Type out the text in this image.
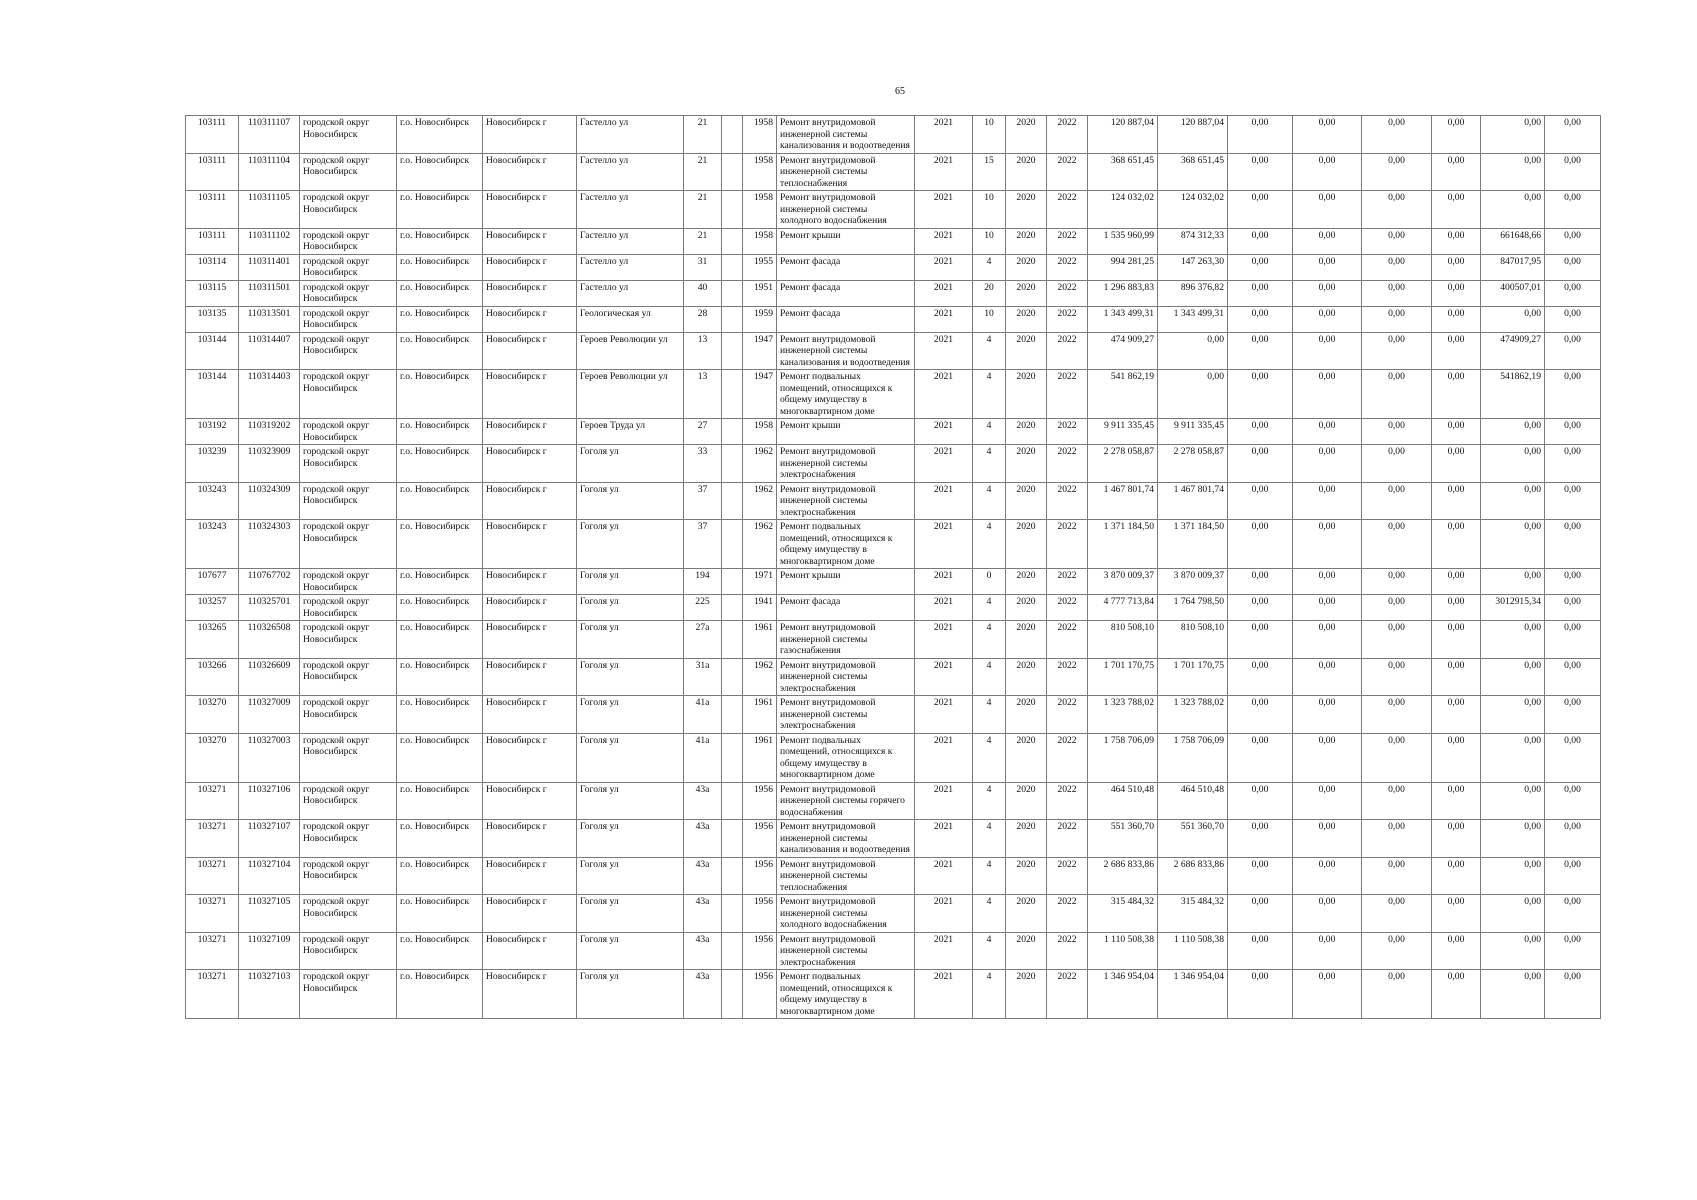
65
103111	110311107	городской округ Новосибирск	г.о. Новосибирск	Новосибирск г	Гастелло ул	21		1958	Ремонт внутридомовой инженерной системы канализования и водоотведения	2021	10	2020	2022	120 887,04	120 887,04	0,00	0,00	0,00	0,00	0,00	0,00
103111	110311104	городской округ Новосибирск	г.о. Новосибирск	Новосибирск г	Гастелло ул	21		1958	Ремонт внутридомовой инженерной системы теплоснабжения	2021	15	2020	2022	368 651,45	368 651,45	0,00	0,00	0,00	0,00	0,00	0,00
103111	110311105	городской округ Новосибирск	г.о. Новосибирск	Новосибирск г	Гастелло ул	21		1958	Ремонт внутридомовой инженерной системы холодного водоснабжения	2021	10	2020	2022	124 032,02	124 032,02	0,00	0,00	0,00	0,00	0,00	0,00
103111	110311102	городской округ Новосибирск	г.о. Новосибирск	Новосибирск г	Гастелло ул	21		1958	Ремонт крыши	2021	10	2020	2022	1 535 960,99	874 312,33	0,00	0,00	0,00	0,00	661648,66	0,00
103114	110311401	городской округ Новосибирск	г.о. Новосибирск	Новосибирск г	Гастелло ул	31		1955	Ремонт фасада	2021	4	2020	2022	994 281,25	147 263,30	0,00	0,00	0,00	0,00	847017,95	0,00
103115	110311501	городской округ Новосибирск	г.о. Новосибирск	Новосибирск г	Гастелло ул	40		1951	Ремонт фасада	2021	20	2020	2022	1 296 883,83	896 376,82	0,00	0,00	0,00	0,00	400507,01	0,00
103135	110313501	городской округ Новосибирск	г.о. Новосибирск	Новосибирск г	Геологическая ул	28		1959	Ремонт фасада	2021	10	2020	2022	1 343 499,31	1 343 499,31	0,00	0,00	0,00	0,00	0,00	0,00
103144	110314407	городской округ Новосибирск	г.о. Новосибирск	Новосибирск г	Героев Революции ул	13		1947	Ремонт внутридомовой инженерной системы канализования и водоотведения	2021	4	2020	2022	474 909,27	0,00	0,00	0,00	0,00	0,00	474909,27	0,00
103144	110314403	городской округ Новосибирск	г.о. Новосибирск	Новосибирск г	Героев Революции ул	13		1947	Ремонт подвальных помещений, относящихся к общему имуществу в многоквартирном доме	2021	4	2020	2022	541 862,19	0,00	0,00	0,00	0,00	0,00	541862,19	0,00
103192	110319202	городской округ Новосибирск	г.о. Новосибирск	Новосибирск г	Героев Труда ул	27		1958	Ремонт крыши	2021	4	2020	2022	9 911 335,45	9 911 335,45	0,00	0,00	0,00	0,00	0,00	0,00
103239	110323909	городской округ Новосибирск	г.о. Новосибирск	Новосибирск г	Гоголя ул	33		1962	Ремонт внутридомовой инженерной системы электроснабжения	2021	4	2020	2022	2 278 058,87	2 278 058,87	0,00	0,00	0,00	0,00	0,00	0,00
103243	110324309	городской округ Новосибирск	г.о. Новосибирск	Новосибирск г	Гоголя ул	37		1962	Ремонт внутридомовой инженерной системы электроснабжения	2021	4	2020	2022	1 467 801,74	1 467 801,74	0,00	0,00	0,00	0,00	0,00	0,00
103243	110324303	городской округ Новосибирск	г.о. Новосибирск	Новосибирск г	Гоголя ул	37		1962	Ремонт подвальных помещений, относящихся к общему имуществу в многоквартирном доме	2021	4	2020	2022	1 371 184,50	1 371 184,50	0,00	0,00	0,00	0,00	0,00	0,00
107677	110767702	городской округ Новосибирск	г.о. Новосибирск	Новосибирск г	Гоголя ул	194		1971	Ремонт крыши	2021	0	2020	2022	3 870 009,37	3 870 009,37	0,00	0,00	0,00	0,00	0,00	0,00
103257	110325701	городской округ Новосибирск	г.о. Новосибирск	Новосибирск г	Гоголя ул	225		1941	Ремонт фасада	2021	4	2020	2022	4 777 713,84	1 764 798,50	0,00	0,00	0,00	0,00	3012915,34	0,00
103265	110326508	городской округ Новосибирск	г.о. Новосибирск	Новосибирск г	Гоголя ул	27а		1961	Ремонт внутридомовой инженерной системы газоснабжения	2021	4	2020	2022	810 508,10	810 508,10	0,00	0,00	0,00	0,00	0,00	0,00
103266	110326609	городской округ Новосибирск	г.о. Новосибирск	Новосибирск г	Гоголя ул	31а		1962	Ремонт внутридомовой инженерной системы электроснабжения	2021	4	2020	2022	1 701 170,75	1 701 170,75	0,00	0,00	0,00	0,00	0,00	0,00
103270	110327009	городской округ Новосибирск	г.о. Новосибирск	Новосибирск г	Гоголя ул	41а		1961	Ремонт внутридомовой инженерной системы электроснабжения	2021	4	2020	2022	1 323 788,02	1 323 788,02	0,00	0,00	0,00	0,00	0,00	0,00
103270	110327003	городской округ Новосибирск	г.о. Новосибирск	Новосибирск г	Гоголя ул	41а		1961	Ремонт подвальных помещений, относящихся к общему имуществу в многоквартирном доме	2021	4	2020	2022	1 758 706,09	1 758 706,09	0,00	0,00	0,00	0,00	0,00	0,00
103271	110327106	городской округ Новосибирск	г.о. Новосибирск	Новосибирск г	Гоголя ул	43а		1956	Ремонт внутридомовой инженерной системы горячего водоснабжения	2021	4	2020	2022	464 510,48	464 510,48	0,00	0,00	0,00	0,00	0,00	0,00
103271	110327107	городской округ Новосибирск	г.о. Новосибирск	Новосибирск г	Гоголя ул	43а		1956	Ремонт внутридомовой инженерной системы канализования и водоотведения	2021	4	2020	2022	551 360,70	551 360,70	0,00	0,00	0,00	0,00	0,00	0,00
103271	110327104	городской округ Новосибирск	г.о. Новосибирск	Новосибирск г	Гоголя ул	43а		1956	Ремонт внутридомовой инженерной системы теплоснабжения	2021	4	2020	2022	2 686 833,86	2 686 833,86	0,00	0,00	0,00	0,00	0,00	0,00
103271	110327105	городской округ Новосибирск	г.о. Новосибирск	Новосибирск г	Гоголя ул	43а		1956	Ремонт внутридомовой инженерной системы холодного водоснабжения	2021	4	2020	2022	315 484,32	315 484,32	0,00	0,00	0,00	0,00	0,00	0,00
103271	110327109	городской округ Новосибирск	г.о. Новосибирск	Новосибирск г	Гоголя ул	43а		1956	Ремонт внутридомовой инженерной системы электроснабжения	2021	4	2020	2022	1 110 508,38	1 110 508,38	0,00	0,00	0,00	0,00	0,00	0,00
103271	110327103	городской округ Новосибирск	г.о. Новосибирск	Новосибирск г	Гоголя ул	43а		1956	Ремонт подвальных помещений, относящихся к общему имуществу в многоквартирном доме	2021	4	2020	2022	1 346 954,04	1 346 954,04	0,00	0,00	0,00	0,00	0,00	0,00
